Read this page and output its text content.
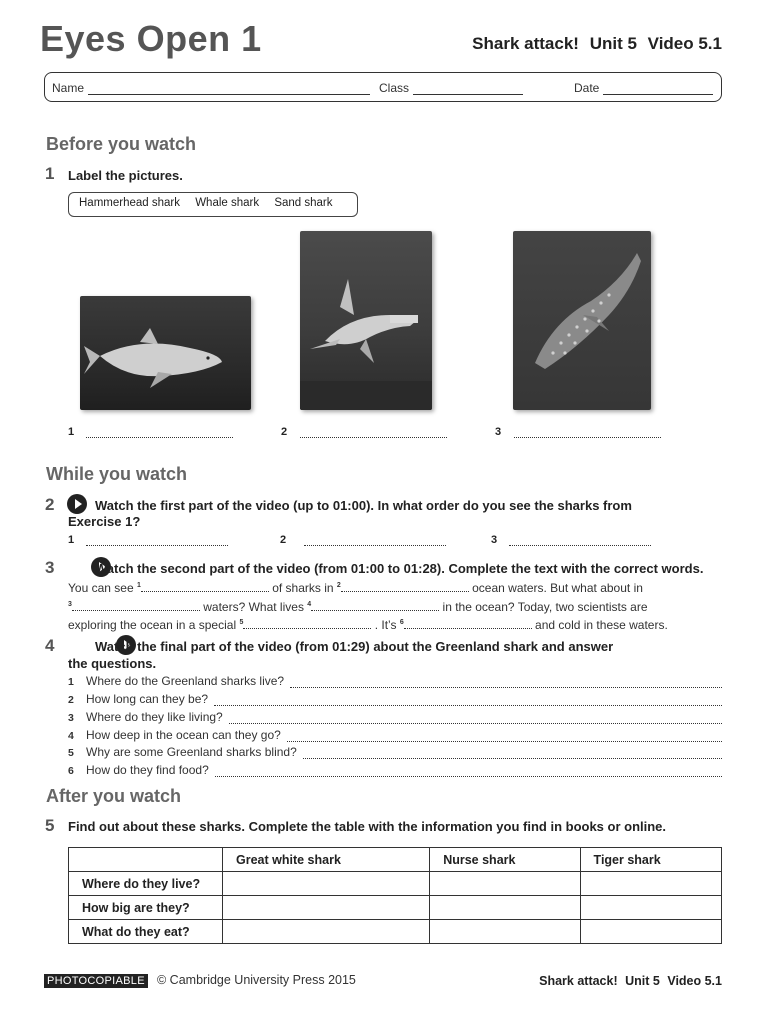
Eyes Open 1	Shark attack! Unit 5 Video 5.1
Name	Class	Date
Before you watch
1 Label the pictures.
Hammerhead shark Whale shark Sand shark
1	2	3
While you watch
2
	Watch the first part of the video (up to 01:00). In what order do you see the sharks from
Exercise 1?
1	2	3
3
	Watch the second part of the video (from 01:00 to 01:28). Complete the text with the correct words.
You can see $^1$	of sharks in $^2$	ocean waters. But what about in
$^3$	waters? What lives $^4$	in the ocean? Today, two scientists are
exploring the ocean in a special $^5$	. It’s $^6$	and cold in these waters.
4	Watch the final part of the video (from 01:29) about the Greenland shark and answer
the questions.
1	Where do the Greenland sharks live?
2	How long can they be?
3	Where do they like living?
4	How deep in the ocean can they go?
5	Why are some Greenland sharks blind?
6	How do they find food?
After you watch
5 Find out about these sharks. Complete the table with the information you find in books or online.
	Great white shark	Nurse shark	Tiger shark
Where do they live?			
How big are they?			
What do they eat?			
PHOTOCOPIABLE © Cambridge University Press 2015	Shark attack! Unit 5 Video 5.1
